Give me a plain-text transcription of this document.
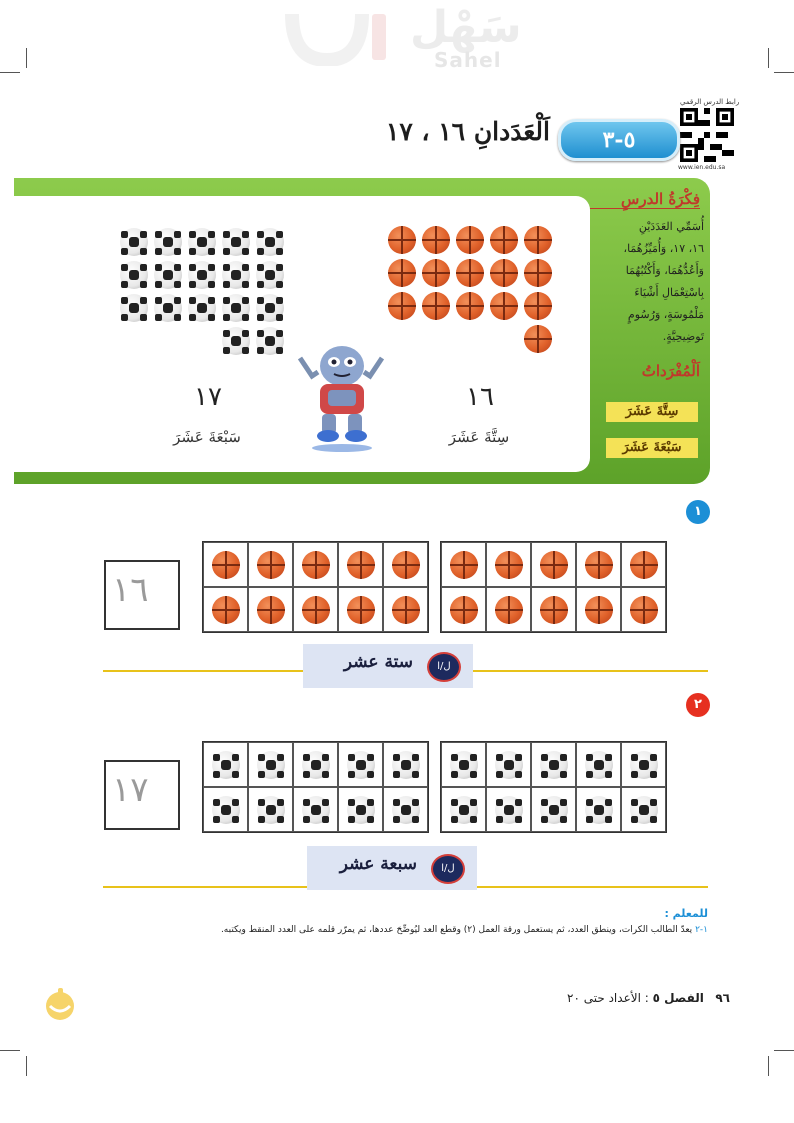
سَهْل
Sahel
رابط الدرس الرقمي
www.ien.edu.sa
٥-٣
اَلْعَدَدانِ ١٦ ، ١٧
فِكْرَةُ الدرسِ
أُسَمِّي العَدَدَيْنِ
١٦، ١٧، وَأُمَيِّزُهُمَا،
وَأَعُدُّهُمَا، وَأَكْتُبُهُمَا
بِاسْتِعْمَالِ أَشْيَاءَ
مَلْمُوسَةٍ، وَرُسُومٍ
تَوضِيحِيَّةٍ.
اَلْمُفْرَداتُ
سِتَّةَ عَشَرَ
سَبْعَةَ عَشَرَ
١٦
سِتَّةَ عَشَرَ
١٧
سَبْعَةَ عَشَرَ
١
١٦
ستة عشر	ل/ا
٢
١٧
سبعة عشر	ل/ا
للمعلم :
١-٢ يعدّ الطالب الكرات، وينطق العدد، ثم يستعمل ورقة العمل (٢) وقطع العد ليُوضِّحَ عددها، ثم يمرّر قلمه على العدد المنقط ويكتبه.
٩٦   الفصل ٥ : الأعداد حتى ٢٠
